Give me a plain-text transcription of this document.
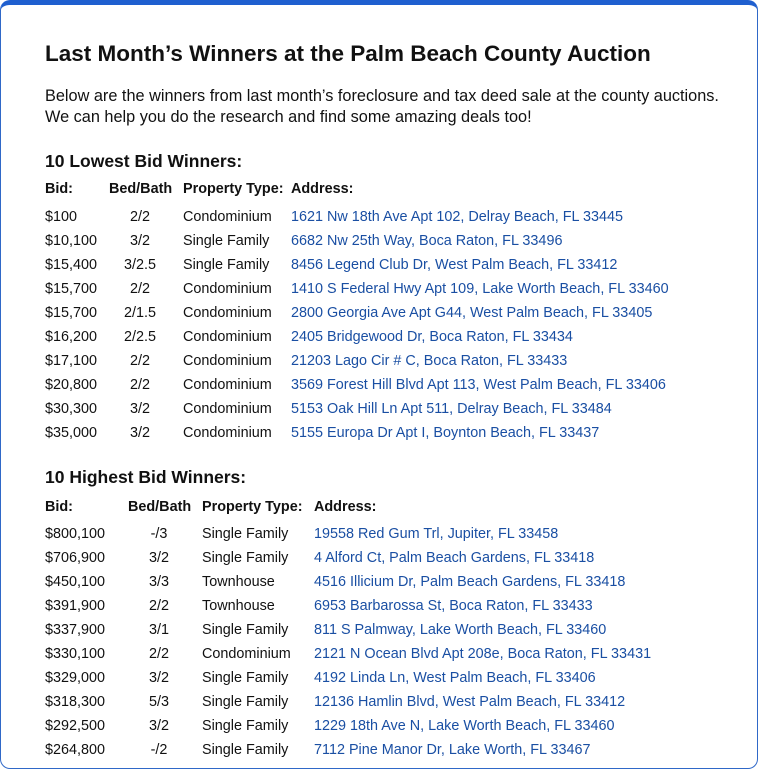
Last Month’s Winners at the Palm Beach County Auction
Below are the winners from last month’s foreclosure and tax deed sale at the county auctions. We can help you do the research and find some amazing deals too!
10 Lowest Bid Winners:
Bid:	Bed/Bath Property Type: Address:
$100	2/2	Condominium 1621 Nw 18th Ave Apt 102, Delray Beach, FL 33445
$10,100	3/2	Single Family 6682 Nw 25th Way, Boca Raton, FL 33496
$15,400	3/2.5	Single Family 8456 Legend Club Dr, West Palm Beach, FL 33412
$15,700	2/2	Condominium 1410 S Federal Hwy Apt 109, Lake Worth Beach, FL 33460
$15,700	2/1.5	Condominium 2800 Georgia Ave Apt G44, West Palm Beach, FL 33405
$16,200	2/2.5	Condominium 2405 Bridgewood Dr, Boca Raton, FL 33434
$17,100	2/2	Condominium 21203 Lago Cir # C, Boca Raton, FL 33433
$20,800	2/2	Condominium 3569 Forest Hill Blvd Apt 113, West Palm Beach, FL 33406
$30,300	3/2	Condominium 5153 Oak Hill Ln Apt 511, Delray Beach, FL 33484
$35,000	3/2	Condominium 5155 Europa Dr Apt I, Boynton Beach, FL 33437
10 Highest Bid Winners:
Bid:	Bed/Bath Property Type: Address:
$800,100	-/3	Single Family 19558 Red Gum Trl, Jupiter, FL 33458
$706,900	3/2	Single Family 4 Alford Ct, Palm Beach Gardens, FL 33418
$450,100	3/3	Townhouse	4516 Illicium Dr, Palm Beach Gardens, FL 33418
$391,900	2/2	Townhouse	6953 Barbarossa St, Boca Raton, FL 33433
$337,900	3/1	Single Family 811 S Palmway, Lake Worth Beach, FL 33460
$330,100	2/2	Condominium 2121 N Ocean Blvd Apt 208e, Boca Raton, FL 33431
$329,000	3/2	Single Family 4192 Linda Ln, West Palm Beach, FL 33406
$318,300	5/3	Single Family 12136 Hamlin Blvd, West Palm Beach, FL 33412
$292,500	3/2	Single Family 1229 18th Ave N, Lake Worth Beach, FL 33460
$264,800	-/2	Single Family 7112 Pine Manor Dr, Lake Worth, FL 33467
